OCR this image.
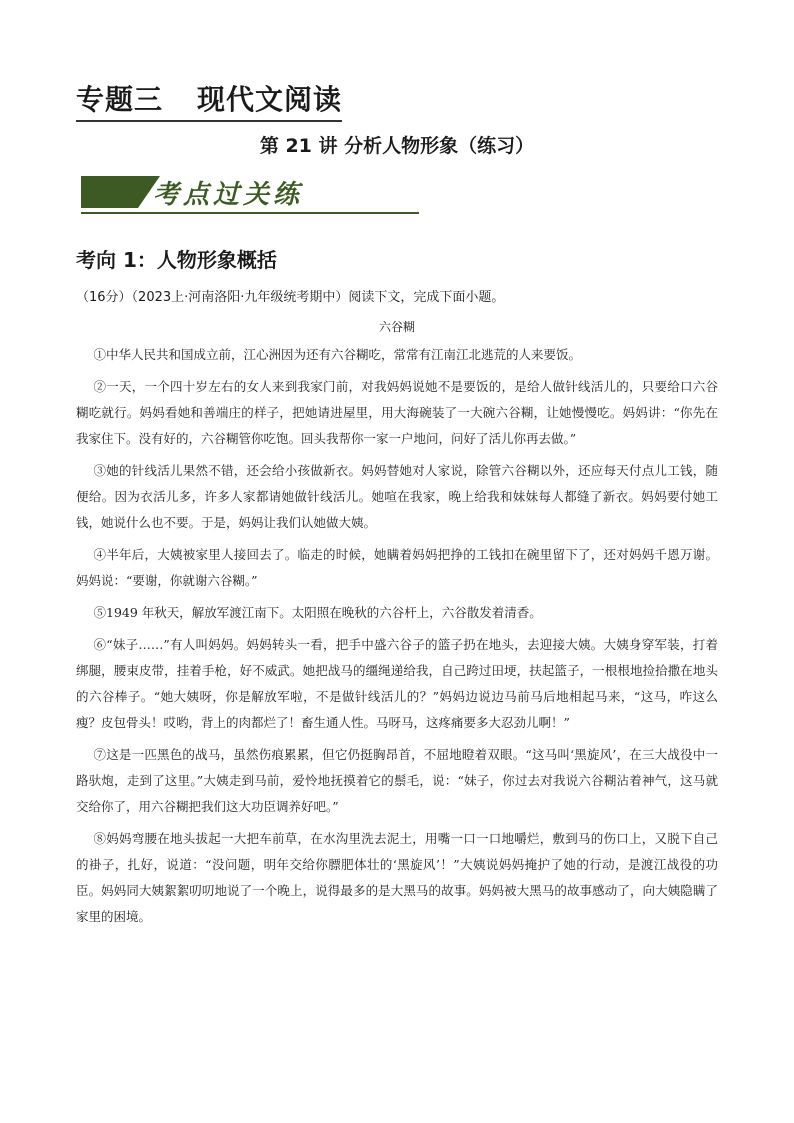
专题三 现代文阅读
第 21 讲 分析人物形象（练习）
考点过关练
考向 1：人物形象概括
（16分）（2023上·河南洛阳·九年级统考期中）阅读下文，完成下面小题。
六谷糊

①中华人民共和国成立前，江心洲因为还有六谷糊吃，常常有江南江北逃荒的人来要饭。

②一天，一个四十岁左右的女人来到我家门前，对我妈妈说她不是要饭的，是给人做针线活儿的，只要给口六谷糊吃就行。妈妈看她和善端庄的样子，把她请进屋里，用大海碗装了一大碗六谷糊，让她慢慢吃。妈妈讲：“你先在我家住下。没有好的，六谷糊管你吃饱。回头我帮你一家一户地问，问好了活儿你再去做。”

③她的针线活儿果然不错，还会给小孩做新衣。妈妈替她对人家说，除管六谷糊以外，还应每天付点儿工钱，随便给。因为衣活儿多，许多人家都请她做针线活儿。她喧在我家，晚上给我和妹妹每人都缝了新衣。妈妈要付她工钱，她说什么也不要。于是，妈妈让我们认她做大姨。

④半年后，大姨被家里人接回去了。临走的时候，她瞒着妈妈把挣的工钱扣在碗里留下了，还对妈妈千恩万谢。妈妈说：“要谢，你就谢六谷糊。”

⑤1949 年秋天，解放军渡江南下。太阳照在晚秋的六谷杆上，六谷散发着清香。

⑥“妹子……”有人叫妈妈。妈妈转头一看，把手中盛六谷子的篮子扔在地头，去迎接大姨。大姨身穿军装，打着绑腿，腰束皮带，挂着手枪，好不威武。她把战马的缰绳递给我，自己跨过田埂，扶起篮子，一根根地捡拾撒在地头的六谷棒子。“她大姨呀，你是解放军啦，不是做针线活儿的？”妈妈边说边马前马后地相起马来，“这马，咋这么瘦？皮包骨头！哎哟，背上的肉都烂了！畜生通人性。马呀马，这疼痛要多大忍劲儿啊！”

⑦这是一匹黑色的战马，虽然伤痕累累，但它仍挺胸昂首，不屈地瞪着双眼。“这马叫‘黑旋风’，在三大战役中一路驮炮，走到了这里。”大姨走到马前，爱怜地抚摸着它的鬃毛，说：“妹子，你过去对我说六谷糊沾着神气，这马就交给你了，用六谷糊把我们这大功臣调养好吧。”

⑧妈妈弯腰在地头拔起一大把车前草，在水沟里洗去泥土，用嘴一口一口地嚼烂，敷到马的伤口上，又脱下自己的褂子，扎好，说道：“没问题，明年交给你膘肥体壮的‘黑旋风’！”大姨说妈妈掩护了她的行动，是渡江战役的功臣。妈妈同大姨絮絮叨叨地说了一个晚上，说得最多的是大黑马的故事。妈妈被大黑马的故事感动了，向大姨隐瞒了家里的困境。
